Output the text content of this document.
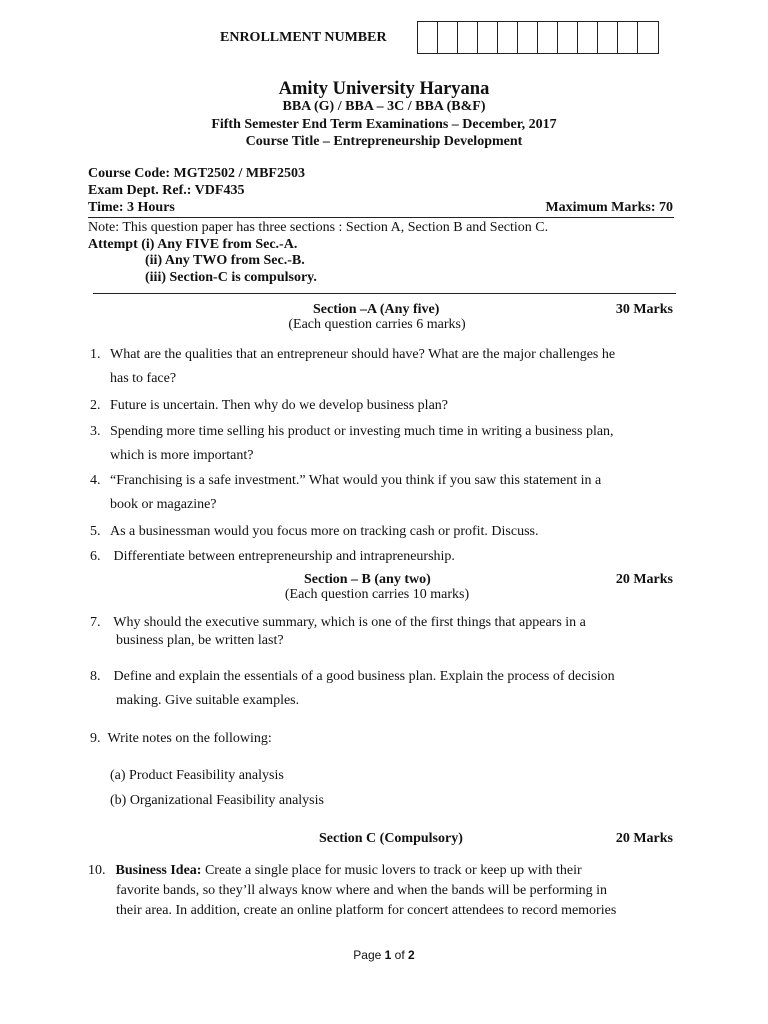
ENROLLMENT NUMBER
Amity University Haryana
BBA (G) / BBA – 3C / BBA (B&F)
Fifth Semester End Term Examinations – December, 2017
Course Title – Entrepreneurship Development
Course Code: MGT2502 / MBF2503
Exam Dept. Ref.: VDF435
Time: 3 Hours	Maximum Marks: 70
Note: This question paper has three sections : Section A, Section B and Section C.
Attempt (i) Any FIVE from Sec.-A.
(ii) Any TWO from Sec.-B.
(iii) Section-C is compulsory.
Section –A (Any five)	30 Marks
(Each question carries 6 marks)
1. What are the qualities that an entrepreneur should have? What are the major challenges he
has to face?
2. Future is uncertain. Then why do we develop business plan?
3. Spending more time selling his product or investing much time in writing a business plan,
which is more important?
4. “Franchising is a safe investment.” What would you think if you saw this statement in a
book or magazine?
5. As a businessman would you focus more on tracking cash or profit. Discuss.
6. Differentiate between entrepreneurship and intrapreneurship.
Section – B (any two)	20 Marks
(Each question carries 10 marks)
7. Why should the executive summary, which is one of the first things that appears in a
business plan, be written last?
8. Define and explain the essentials of a good business plan. Explain the process of decision
making. Give suitable examples.
9. Write notes on the following:
(a) Product Feasibility analysis
(b) Organizational Feasibility analysis
Section C (Compulsory)	20 Marks
10. Business Idea: Create a single place for music lovers to track or keep up with their
favorite bands, so they’ll always know where and when the bands will be performing in
their area. In addition, create an online platform for concert attendees to record memories
Page 1 of 2
